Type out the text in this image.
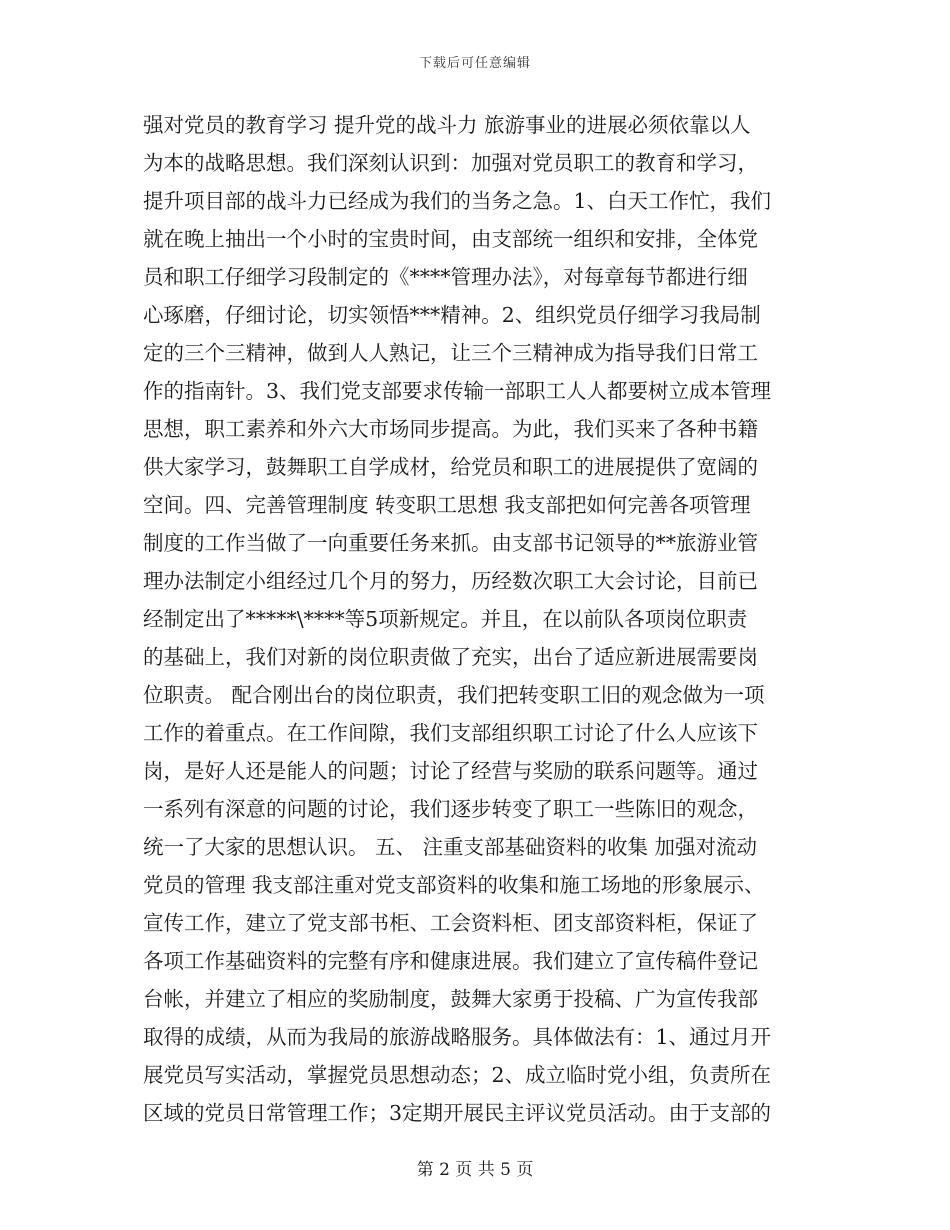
下载后可任意编辑
强对党员的教育学习 提升党的战斗力 旅游事业的进展必须依靠以人
为本的战略思想。我们深刻认识到：加强对党员职工的教育和学习，
提升项目部的战斗力已经成为我们的当务之急。1、白天工作忙，我们
就在晚上抽出一个小时的宝贵时间，由支部统一组织和安排，全体党
员和职工仔细学习段制定的《****管理办法》，对每章每节都进行细
心琢磨，仔细讨论，切实领悟***精神。2、组织党员仔细学习我局制
定的三个三精神，做到人人熟记，让三个三精神成为指导我们日常工
作的指南针。3、我们党支部要求传输一部职工人人都要树立成本管理
思想，职工素养和外六大市场同步提高。为此，我们买来了各种书籍
供大家学习，鼓舞职工自学成材，给党员和职工的进展提供了宽阔的
空间。四、完善管理制度 转变职工思想 我支部把如何完善各项管理
制度的工作当做了一向重要任务来抓。由支部书记领导的**旅游业管
理办法制定小组经过几个月的努力，历经数次职工大会讨论，目前已
经制定出了*****\****等5项新规定。并且，在以前队各项岗位职责
的基础上，我们对新的岗位职责做了充实，出台了适应新进展需要岗
位职责。 配合刚出台的岗位职责，我们把转变职工旧的观念做为一项
工作的着重点。在工作间隙，我们支部组织职工讨论了什么人应该下
岗，是好人还是能人的问题；讨论了经营与奖励的联系问题等。通过
一系列有深意的问题的讨论，我们逐步转变了职工一些陈旧的观念，
统一了大家的思想认识。 五、 注重支部基础资料的收集 加强对流动
党员的管理 我支部注重对党支部资料的收集和施工场地的形象展示、
宣传工作，建立了党支部书柜、工会资料柜、团支部资料柜，保证了
各项工作基础资料的完整有序和健康进展。我们建立了宣传稿件登记
台帐，并建立了相应的奖励制度，鼓舞大家勇于投稿、广为宣传我部
取得的成绩，从而为我局的旅游战略服务。具体做法有：1、通过月开
展党员写实活动，掌握党员思想动态；2、成立临时党小组，负责所在
区域的党员日常管理工作；3定期开展民主评议党员活动。由于支部的
第 2 页 共 5 页
